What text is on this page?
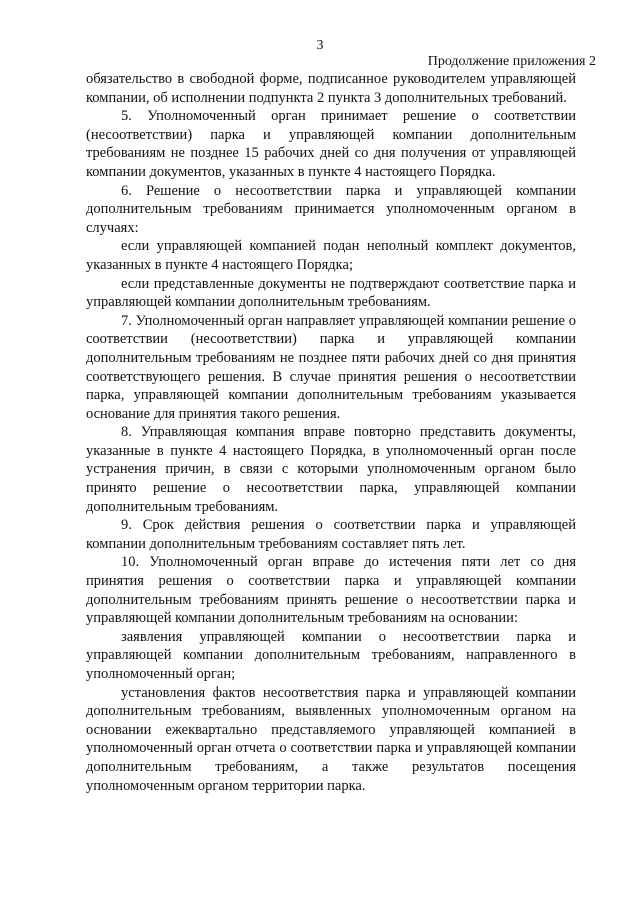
3
Продолжение приложения 2

обязательство в свободной форме, подписанное руководителем управляющей компании, об исполнении подпункта 2 пункта 3 дополнительных требований.

5. Уполномоченный орган принимает решение о соответствии (несоответствии) парка и управляющей компании дополнительным требованиям не позднее 15 рабочих дней со дня получения от управляющей компании документов, указанных в пункте 4 настоящего Порядка.

6. Решение о несоответствии парка и управляющей компании дополнительным требованиям принимается уполномоченным органом в случаях:

если управляющей компанией подан неполный комплект документов, указанных в пункте 4 настоящего Порядка;

если представленные документы не подтверждают соответствие парка и управляющей компании дополнительным требованиям.

7. Уполномоченный орган направляет управляющей компании решение о соответствии (несоответствии) парка и управляющей компании дополнительным требованиям не позднее пяти рабочих дней со дня принятия соответствующего решения. В случае принятия решения о несоответствии парка, управляющей компании дополнительным требованиям указывается основание для принятия такого решения.

8. Управляющая компания вправе повторно представить документы, указанные в пункте 4 настоящего Порядка, в уполномоченный орган после устранения причин, в связи с которыми уполномоченным органом было принято решение о несоответствии парка, управляющей компании дополнительным требованиям.

9. Срок действия решения о соответствии парка и управляющей компании дополнительным требованиям составляет пять лет.

10. Уполномоченный орган вправе до истечения пяти лет со дня принятия решения о соответствии парка и управляющей компании дополнительным требованиям принять решение о несоответствии парка и управляющей компании дополнительным требованиям на основании:

заявления управляющей компании о несоответствии парка и управляющей компании дополнительным требованиям, направленного в уполномоченный орган;

установления фактов несоответствия парка и управляющей компании дополнительным требованиям, выявленных уполномоченным органом на основании ежеквартально представляемого управляющей компанией в уполномоченный орган отчета о соответствии парка и управляющей компании дополнительным требованиям, а также результатов посещения уполномоченным органом территории парка.
